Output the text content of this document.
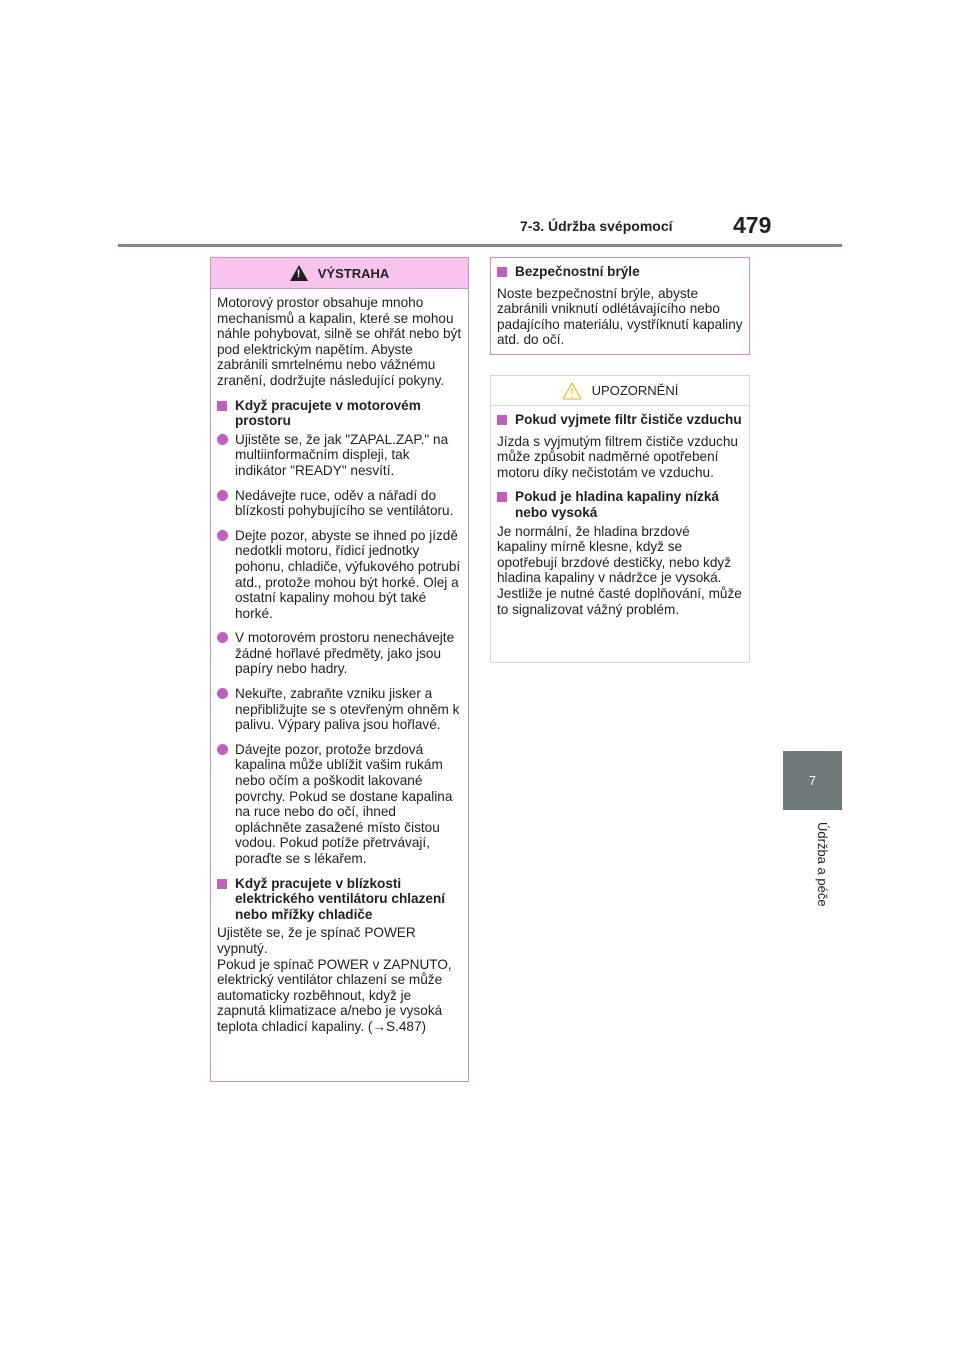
7-3. Údržba svépomocí	479
7
Údržba a péče
!
VÝSTRAHA

Motorový prostor obsahuje mnoho mechanismů a kapalin, které se mohou náhle pohybovat, silně se ohřát nebo být pod elektrickým napětím. Abyste zabránili smrtelnému nebo vážnému zranění, dodržujte následující pokyny.

Když pracujete v motorovém prostoru
Ujistěte se, že jak "ZAPAL.ZAP." na multiinformačním displeji, tak indikátor "READY" nesvítí.
Nedávejte ruce, oděv a nářadí do blízkosti pohybujícího se ventilátoru.
Dejte pozor, abyste se ihned po jízdě nedotkli motoru, řídicí jednotky pohonu, chladiče, výfukového potrubí atd., protože mohou být horké. Olej a ostatní kapaliny mohou být také horké.
V motorovém prostoru nenechávejte žádné hořlavé předměty, jako jsou papíry nebo hadry.
Nekuřte, zabraňte vzniku jisker a nepřibližujte se s otevřeným ohněm k palivu. Výpary paliva jsou hořlavé.
Dávejte pozor, protože brzdová kapalina může ublížit vašim rukám nebo očím a poškodit lakované povrchy. Pokud se dostane kapalina na ruce nebo do očí, ihned opláchněte zasažené místo čistou vodou. Pokud potíže přetrvávají, poraďte se s lékařem.
Když pracujete v blízkosti elektrického ventilátoru chlazení nebo mřížky chladiče
Ujistěte se, že je spínač POWER vypnutý.
Pokud je spínač POWER v ZAPNUTO, elektrický ventilátor chlazení se může automaticky rozběhnout, když je zapnutá klimatizace a/nebo je vysoká teplota chladicí kapaliny. (→S.487)
Bezpečnostní brýle
Noste bezpečnostní brýle, abyste zabránili vniknutí odlétávajícího nebo padajícího materiálu, vystříknutí kapaliny atd. do očí.
UPOZORNĚNÍ
Pokud vyjmete filtr čističe vzduchu

Jízda s vyjmutým filtrem čističe vzduchu může způsobit nadměrné opotřebení motoru díky nečistotám ve vzduchu.

Pokud je hladina kapaliny nízká nebo vysoká

Je normální, že hladina brzdové kapaliny mírně klesne, když se opotřebují brzdové destičky, nebo když hladina kapaliny v nádržce je vysoká. Jestliže je nutné časté doplňování, může to signalizovat vážný problém.
